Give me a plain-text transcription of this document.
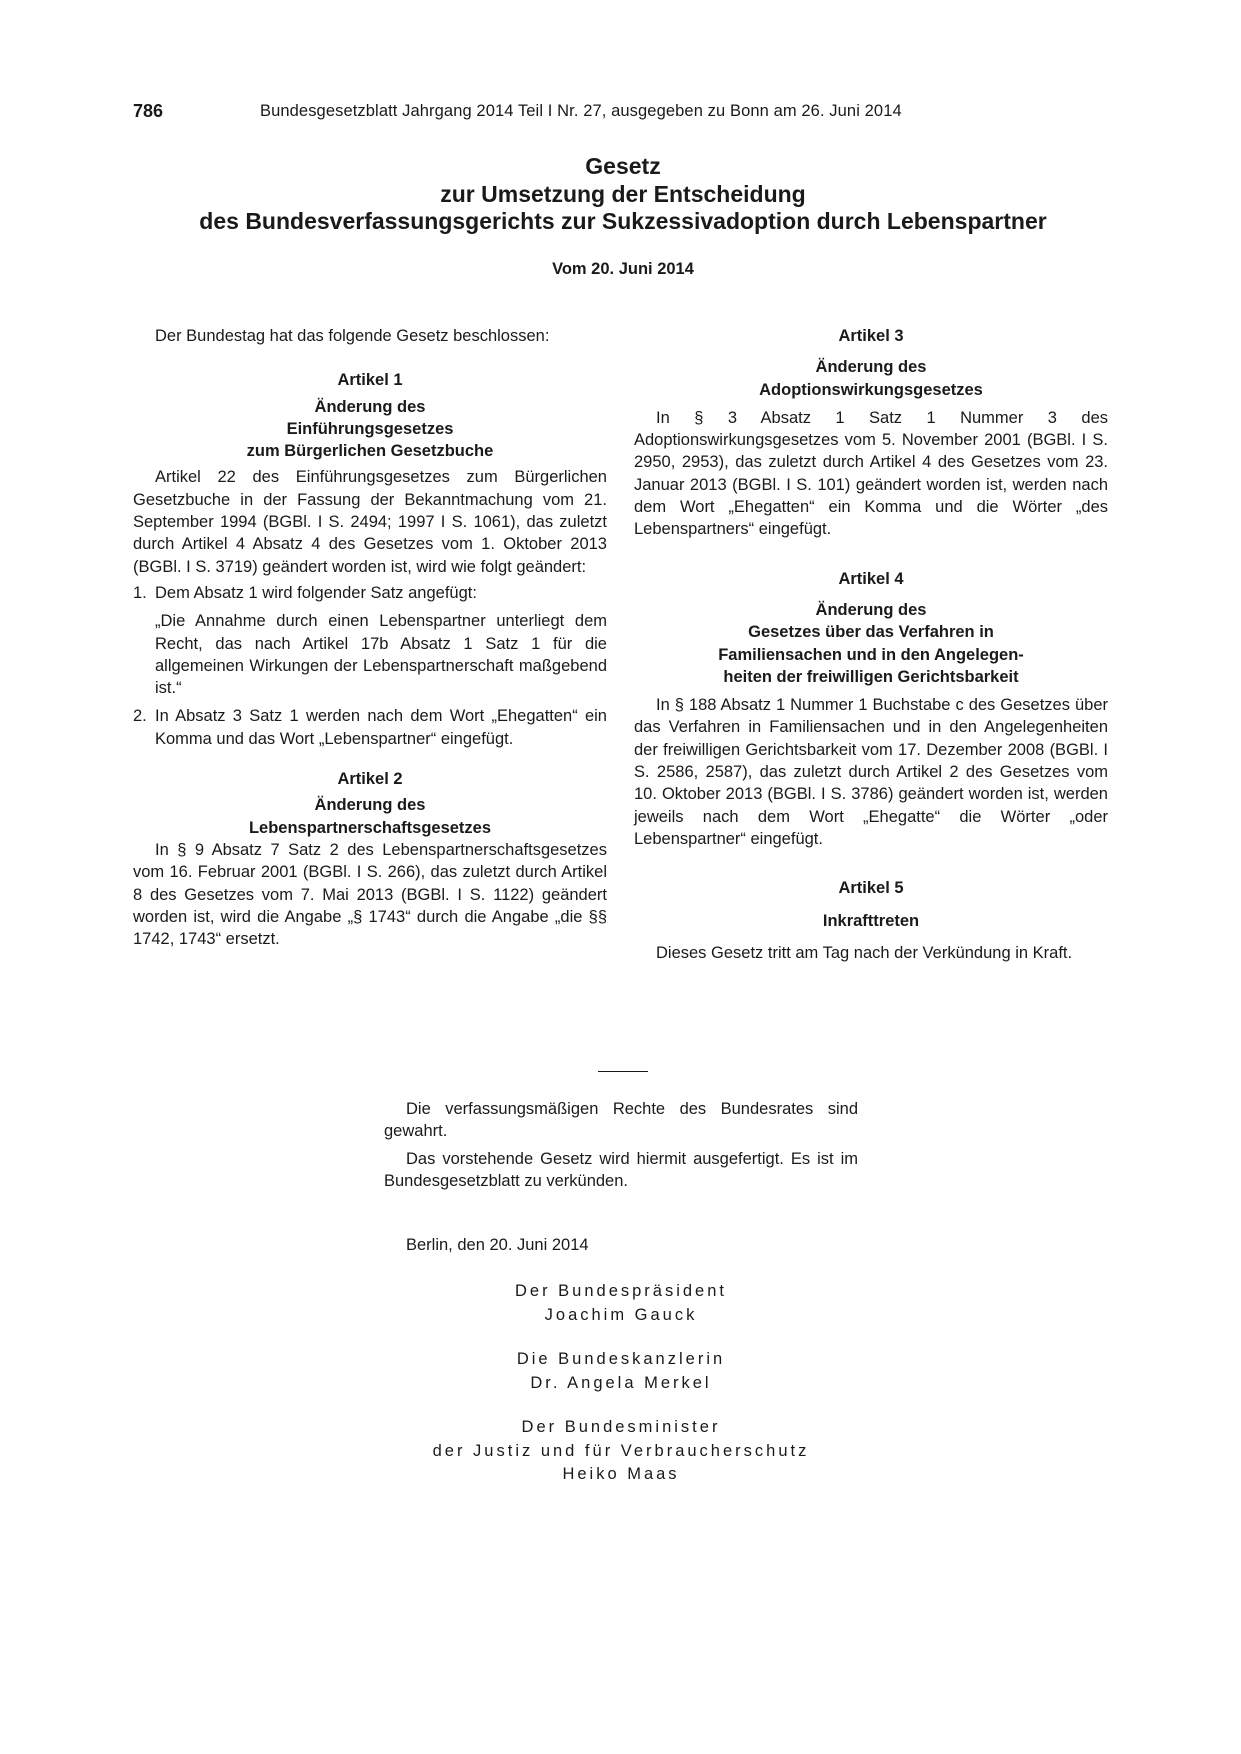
786	Bundesgesetzblatt Jahrgang 2014 Teil I Nr. 27, ausgegeben zu Bonn am 26. Juni 2014
Gesetz
zur Umsetzung der Entscheidung
des Bundesverfassungsgerichts zur Sukzessivadoption durch Lebenspartner
Vom 20. Juni 2014

Der Bundestag hat das folgende Gesetz beschlossen:

Artikel 1

Änderung des

Einführungsgesetzes

zum Bürgerlichen Gesetzbuche

Artikel 22 des Einführungsgesetzes zum Bürgerlichen Gesetzbuche in der Fassung der Bekanntmachung vom 21. September 1994 (BGBl. I S. 2494; 1997 I S. 1061), das zuletzt durch Artikel 4 Absatz 4 des Gesetzes vom 1. Oktober 2013 (BGBl. I S. 3719) geändert worden ist, wird wie folgt geändert:

1. Dem Absatz 1 wird folgender Satz angefügt:

„Die Annahme durch einen Lebenspartner unterliegt dem Recht, das nach Artikel 17b Absatz 1 Satz 1 für die allgemeinen Wirkungen der Lebenspartnerschaft maßgebend ist.“

2. In Absatz 3 Satz 1 werden nach dem Wort „Ehegatten“ ein Komma und das Wort „Lebenspartner“ eingefügt.

Artikel 2

Änderung des

Lebenspartnerschaftsgesetzes

In § 9 Absatz 7 Satz 2 des Lebenspartnerschaftsgesetzes vom 16. Februar 2001 (BGBl. I S. 266), das zuletzt durch Artikel 8 des Gesetzes vom 7. Mai 2013 (BGBl. I S. 1122) geändert worden ist, wird die Angabe „§ 1743“ durch die Angabe „die §§ 1742, 1743“ ersetzt.

Artikel 3

Änderung des

Adoptionswirkungsgesetzes

In § 3 Absatz 1 Satz 1 Nummer 3 des Adoptionswirkungsgesetzes vom 5. November 2001 (BGBl. I S. 2950, 2953), das zuletzt durch Artikel 4 des Gesetzes vom 23. Januar 2013 (BGBl. I S. 101) geändert worden ist, werden nach dem Wort „Ehegatten“ ein Komma und die Wörter „des Lebenspartners“ eingefügt.

Artikel 4

Änderung des

Gesetzes über das Verfahren in

Familiensachen und in den Angelegen-

heiten der freiwilligen Gerichtsbarkeit

In § 188 Absatz 1 Nummer 1 Buchstabe c des Gesetzes über das Verfahren in Familiensachen und in den Angelegenheiten der freiwilligen Gerichtsbarkeit vom 17. Dezember 2008 (BGBl. I S. 2586, 2587), das zuletzt durch Artikel 2 des Gesetzes vom 10. Oktober 2013 (BGBl. I S. 3786) geändert worden ist, werden jeweils nach dem Wort „Ehegatte“ die Wörter „oder Lebenspartner“ eingefügt.

Artikel 5

Inkrafttreten

Dieses Gesetz tritt am Tag nach der Verkündung in Kraft.

Die verfassungsmäßigen Rechte des Bundesrates sind gewahrt.

Das vorstehende Gesetz wird hiermit ausgefertigt. Es ist im Bundesgesetzblatt zu verkünden.

Berlin, den 20. Juni 2014

Der Bundespräsident
Joachim Gauck
Die Bundeskanzlerin
Dr. Angela Merkel
Der Bundesminister
der Justiz und für Verbraucherschutz
Heiko Maas
